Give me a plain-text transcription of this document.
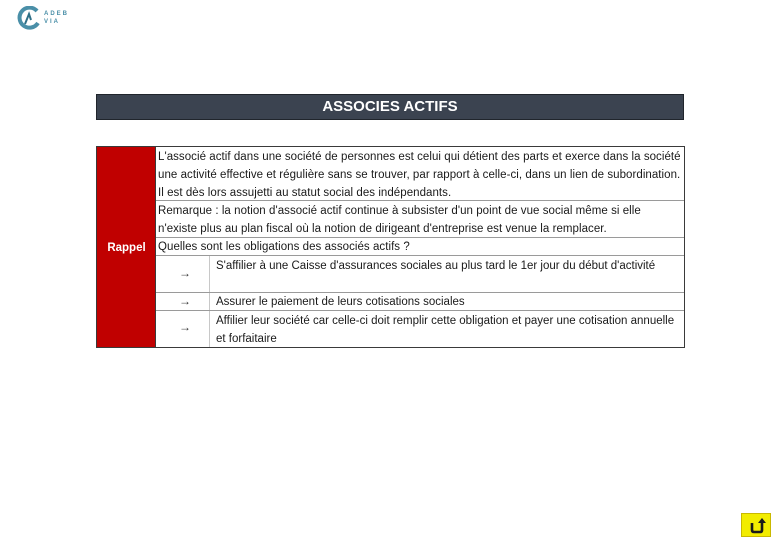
ADEB
VIA
ASSOCIES ACTIFS
Rappel
L'associé actif dans une société de personnes est celui qui détient des parts et exerce dans la société une activité effective et régulière sans se trouver, par rapport à celle-ci, dans un lien de subordination. Il est dès lors assujetti au statut social des indépendants.
Remarque : la notion d'associé actif continue à subsister d'un point de vue social même si elle n'existe plus au plan fiscal où la notion de dirigeant d'entreprise est venue la remplacer.
Quelles sont les obligations des associés actifs ?
→ S'affilier à une Caisse d'assurances sociales au plus tard le 1er jour du début d'activité
→ Assurer le paiement de leurs cotisations sociales
→ Affilier leur société car celle-ci doit remplir cette obligation et payer une cotisation annuelle et forfaitaire
